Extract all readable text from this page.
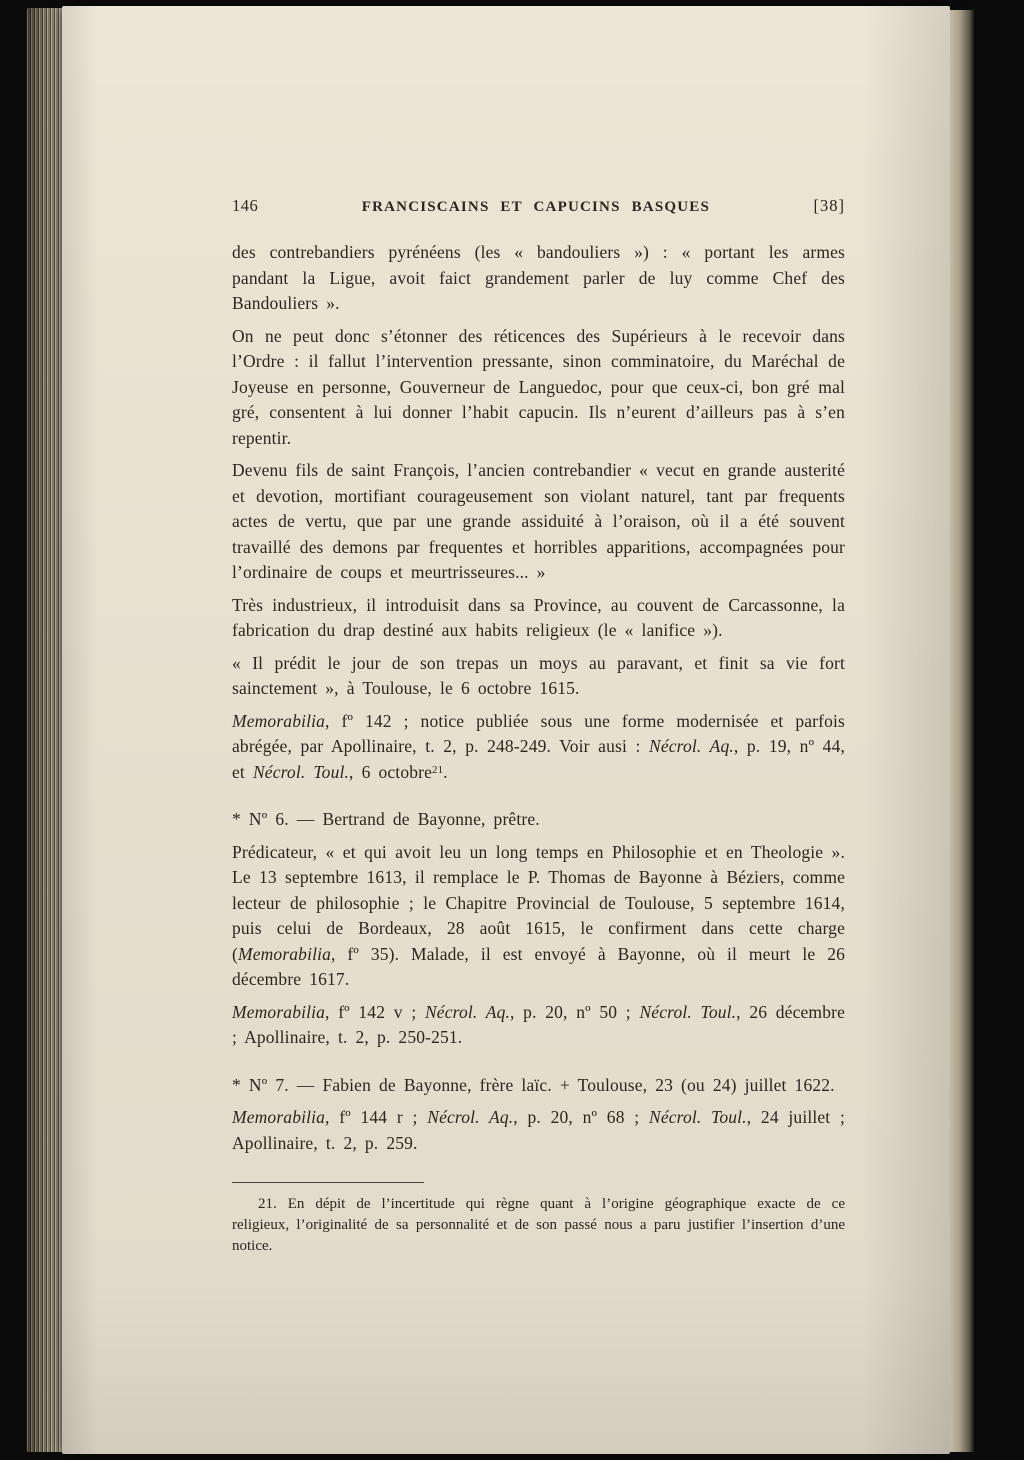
146	FRANCISCAINS ET CAPUCINS BASQUES	[38]

des contrebandiers pyrénéens (les « bandouliers ») : « portant les armes pandant la Ligue, avoit faict grandement parler de luy comme Chef des Bandouliers ».

On ne peut donc s’étonner des réticences des Supérieurs à le recevoir dans l’Ordre : il fallut l’intervention pressante, sinon comminatoire, du Maréchal de Joyeuse en personne, Gouverneur de Languedoc, pour que ceux-ci, bon gré mal gré, consentent à lui donner l’habit capucin. Ils n’eurent d’ailleurs pas à s’en repentir.

Devenu fils de saint François, l’ancien contrebandier « vecut en grande austerité et devotion, mortifiant courageusement son violant naturel, tant par frequents actes de vertu, que par une grande assiduité à l’oraison, où il a été souvent travaillé des demons par frequentes et horribles apparitions, accompagnées pour l’ordinaire de coups et meurtrisseures... »

Très industrieux, il introduisit dans sa Province, au couvent de Carcassonne, la fabrication du drap destiné aux habits religieux (le « lanifice »).

« Il prédit le jour de son trepas un moys au paravant, et finit sa vie fort sainctement », à Toulouse, le 6 octobre 1615.

Memorabilia, fº 142 ; notice publiée sous une forme modernisée et parfois abrégée, par Apollinaire, t. 2, p. 248-249. Voir ausi : Nécrol. Aq., p. 19, nº 44, et Nécrol. Toul., 6 octobre$^{21}$.

* Nº 6. — Bertrand de Bayonne, prêtre.

Prédicateur, « et qui avoit leu un long temps en Philosophie et en Theologie ». Le 13 septembre 1613, il remplace le P. Thomas de Bayonne à Béziers, comme lecteur de philosophie ; le Chapitre Provincial de Toulouse, 5 septembre 1614, puis celui de Bordeaux, 28 août 1615, le confirment dans cette charge (Memorabilia, fº 35). Malade, il est envoyé à Bayonne, où il meurt le 26 décembre 1617.

Memorabilia, fº 142 v ; Nécrol. Aq., p. 20, nº 50 ; Nécrol. Toul., 26 décembre ; Apollinaire, t. 2, p. 250-251.

* Nº 7. — Fabien de Bayonne, frère laïc. + Toulouse, 23 (ou 24) juillet 1622.

Memorabilia, fº 144 r ; Nécrol. Aq., p. 20, nº 68 ; Nécrol. Toul., 24 juillet ; Apollinaire, t. 2, p. 259.

21. En dépit de l’incertitude qui règne quant à l’origine géographique exacte de ce religieux, l’originalité de sa personnalité et de son passé nous a paru justifier l’insertion d’une notice.
